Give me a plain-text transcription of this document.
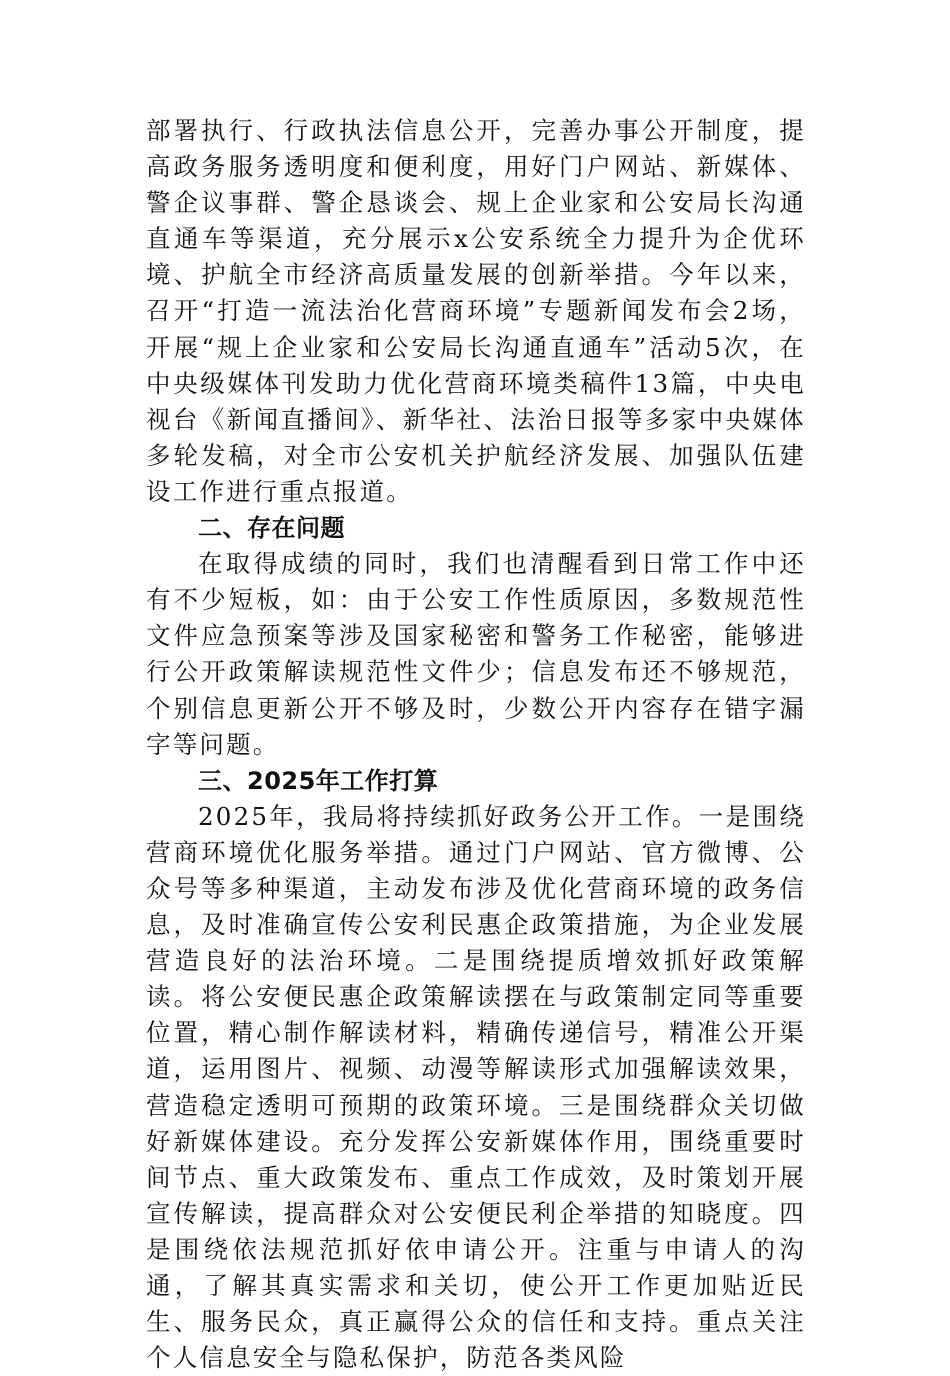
部署执行、行政执法信息公开，完善办事公开制度，提高政务服务透明度和便利度，用好门户网站、新媒体、警企议事群、警企恳谈会、规上企业家和公安局长沟通直通车等渠道，充分展示x公安系统全力提升为企优环境、护航全市经济高质量发展的创新举措。今年以来，召开“打造一流法治化营商环境”专题新闻发布会2场，开展“规上企业家和公安局长沟通直通车”活动5次，在中央级媒体刊发助力优化营商环境类稿件13篇，中央电视台《新闻直播间》、新华社、法治日报等多家中央媒体多轮发稿，对全市公安机关护航经济发展、加强队伍建设工作进行重点报道。

二、存在问题

在取得成绩的同时，我们也清醒看到日常工作中还有不少短板，如：由于公安工作性质原因，多数规范性文件应急预案等涉及国家秘密和警务工作秘密，能够进行公开政策解读规范性文件少；信息发布还不够规范，个别信息更新公开不够及时，少数公开内容存在错字漏字等问题。

三、2025年工作打算

2025年，我局将持续抓好政务公开工作。一是围绕营商环境优化服务举措。通过门户网站、官方微博、公众号等多种渠道，主动发布涉及优化营商环境的政务信息，及时准确宣传公安利民惠企政策措施，为企业发展营造良好的法治环境。二是围绕提质增效抓好政策解读。将公安便民惠企政策解读摆在与政策制定同等重要位置，精心制作解读材料，精确传递信号，精准公开渠道，运用图片、视频、动漫等解读形式加强解读效果，营造稳定透明可预期的政策环境。三是围绕群众关切做好新媒体建设。充分发挥公安新媒体作用，围绕重要时间节点、重大政策发布、重点工作成效，及时策划开展宣传解读，提高群众对公安便民利企举措的知晓度。四是围绕依法规范抓好依申请公开。注重与申请人的沟通，了解其真实需求和关切，使公开工作更加贴近民生、服务民众，真正赢得公众的信任和支持。重点关注个人信息安全与隐私保护，防范各类风险
